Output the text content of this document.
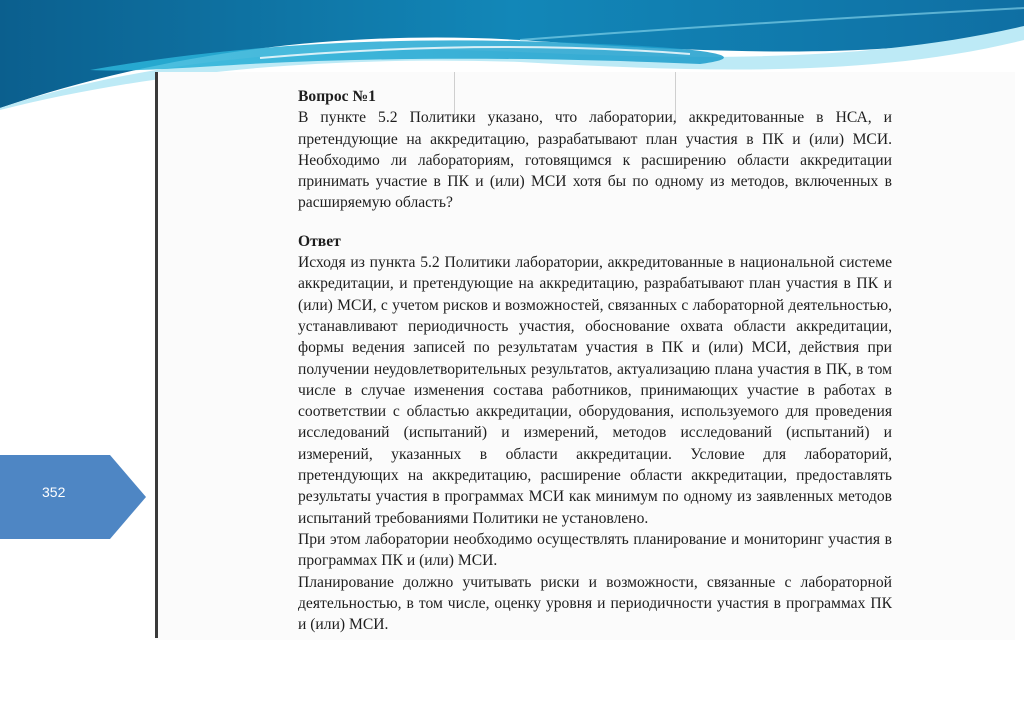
352

Вопрос №1

В пункте 5.2 Политики указано, что лаборатории, аккредитованные в НСА, и претендующие на аккредитацию, разрабатывают план участия в ПК и (или) МСИ. Необходимо ли лабораториям, готовящимся к расширению области аккредитации принимать участие в ПК и (или) МСИ хотя бы по одному из методов, включенных в расширяемую область?

Ответ

Исходя из пункта 5.2 Политики лаборатории, аккредитованные в национальной системе аккредитации, и претендующие на аккредитацию, разрабатывают план участия в ПК и (или) МСИ, с учетом рисков и возможностей, связанных с лабораторной деятельностью, устанавливают периодичность участия, обоснование охвата области аккредитации, формы ведения записей по результатам участия в ПК и (или) МСИ, действия при получении неудовлетворительных результатов, актуализацию плана участия в ПК, в том числе в случае изменения состава работников, принимающих участие в работах в соответствии с областью аккредитации, оборудования, используемого для проведения исследований (испытаний) и измерений, методов исследований (испытаний) и измерений, указанных в области аккредитации. Условие для лабораторий, претендующих на аккредитацию, расширение области аккредитации, предоставлять результаты участия в программах МСИ как минимум по одному из заявленных методов испытаний требованиями Политики не установлено.

При этом лаборатории необходимо осуществлять планирование и мониторинг участия в программах ПК и (или) МСИ.

Планирование должно учитывать риски и возможности, связанные с лабораторной деятельностью, в том числе, оценку уровня и периодичности участия в программах ПК и (или) МСИ.
